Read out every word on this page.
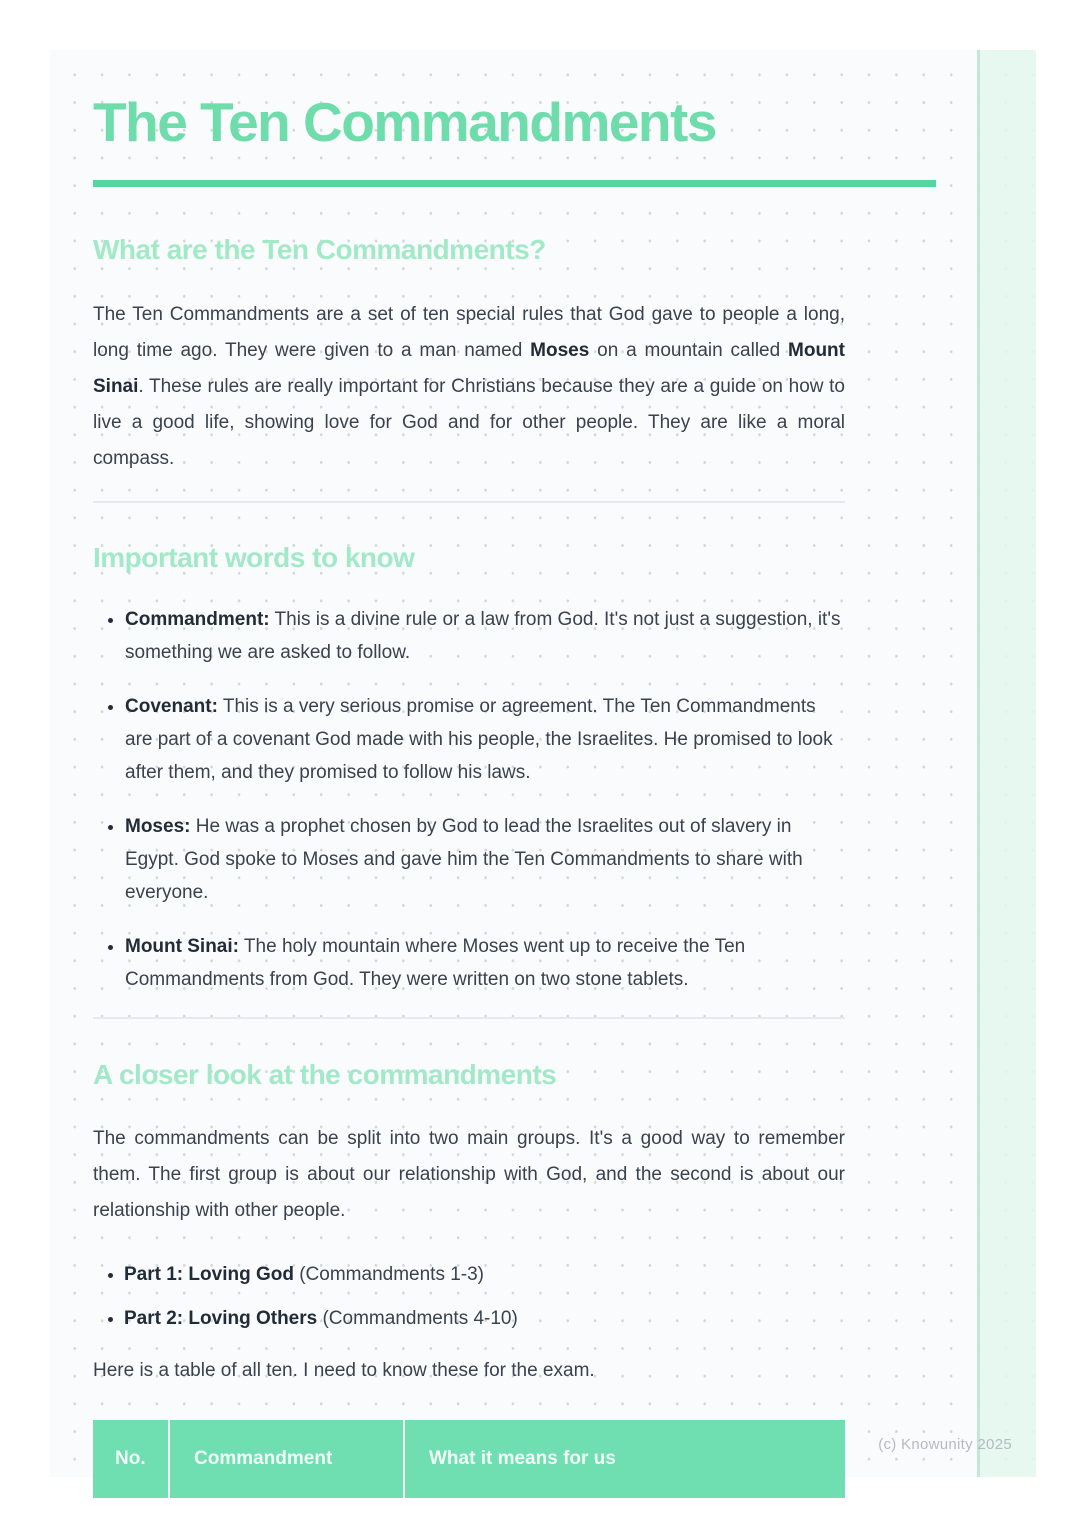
The Ten Commandments
What are the Ten Commandments?

The Ten Commandments are a set of ten special rules that God gave to people a long, long time ago. They were given to a man named Moses on a mountain called Mount Sinai. These rules are really important for Christians because they are a guide on how to live a good life, showing love for God and for other people. They are like a moral compass.

Important words to know
• Commandment: This is a divine rule or a law from God. It's not just a suggestion, it's something we are asked to follow.
• Covenant: This is a very serious promise or agreement. The Ten Commandments are part of a covenant God made with his people, the Israelites. He promised to look after them, and they promised to follow his laws.
• Moses: He was a prophet chosen by God to lead the Israelites out of slavery in Egypt. God spoke to Moses and gave him the Ten Commandments to share with everyone.
• Mount Sinai: The holy mountain where Moses went up to receive the Ten Commandments from God. They were written on two stone tablets.
A closer look at the commandments

The commandments can be split into two main groups. It's a good way to remember them. The first group is about our relationship with God, and the second is about our relationship with other people.

• Part 1: Loving God (Commandments 1-3)
• Part 2: Loving Others (Commandments 4-10)

Here is a table of all ten. I need to know these for the exam.

No.	Commandment	What it means for us
(c) Knowunity 2025
